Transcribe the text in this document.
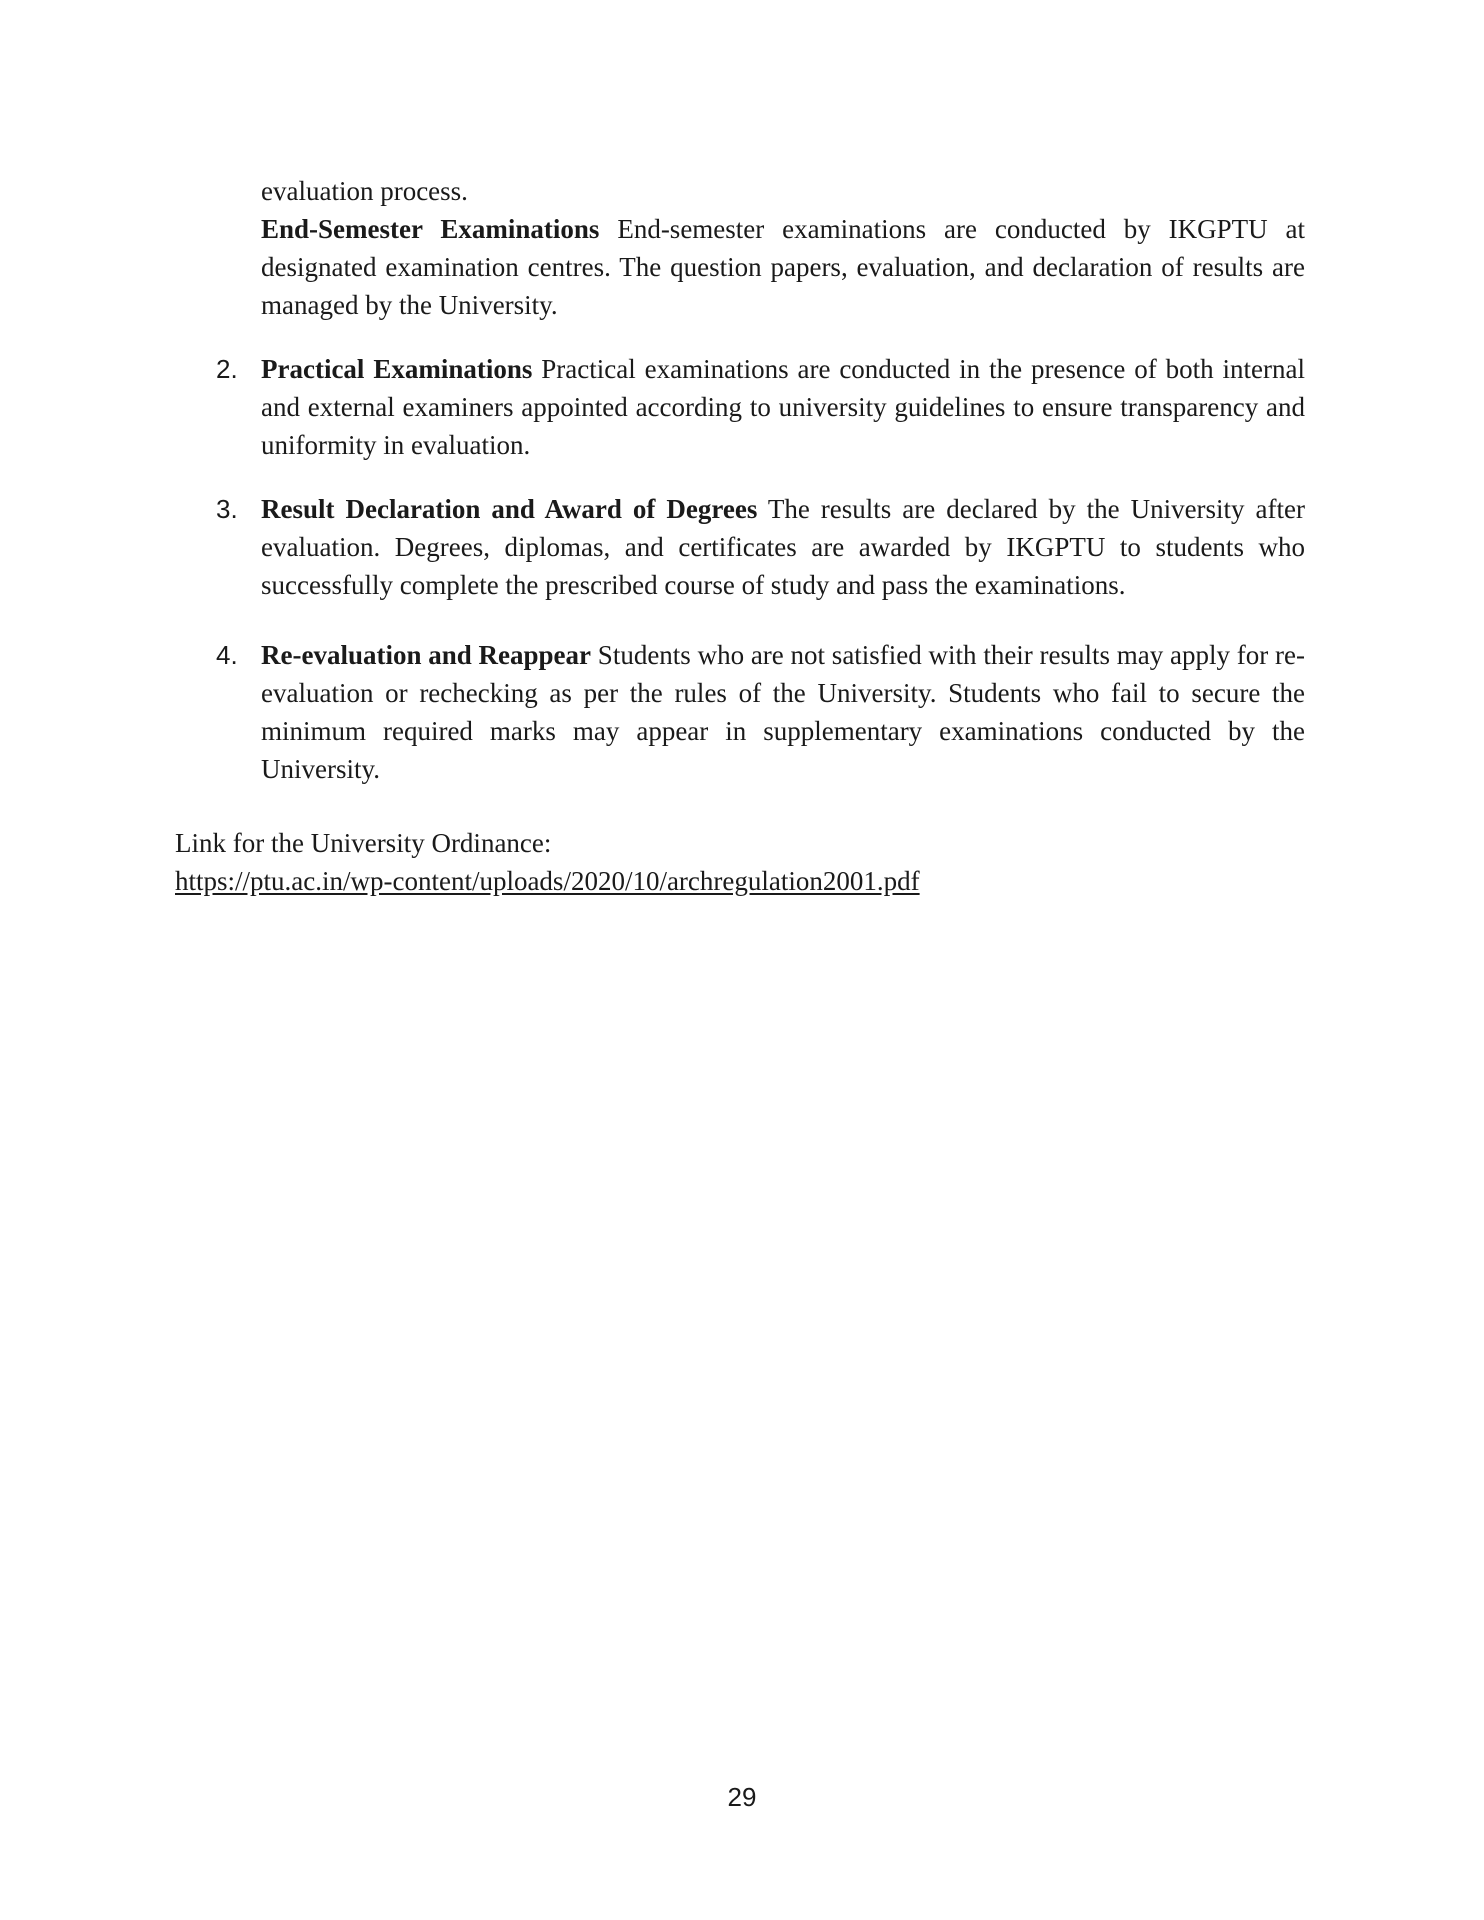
evaluation process.
End-Semester Examinations End-semester examinations are conducted by IKGPTU at designated examination centres. The question papers, evaluation, and declaration of results are managed by the University.

2. Practical Examinations Practical examinations are conducted in the presence of both internal and external examiners appointed according to university guidelines to ensure transparency and uniformity in evaluation.

3. Result Declaration and Award of Degrees The results are declared by the University after evaluation. Degrees, diplomas, and certificates are awarded by IKGPTU to students who successfully complete the prescribed course of study and pass the examinations.

4. Re-evaluation and Reappear Students who are not satisfied with their results may apply for re-evaluation or rechecking as per the rules of the University. Students who fail to secure the minimum required marks may appear in supplementary examinations conducted by the University.

Link for the University Ordinance:

https://ptu.ac.in/wp-content/uploads/2020/10/archregulation2001.pdf

29
